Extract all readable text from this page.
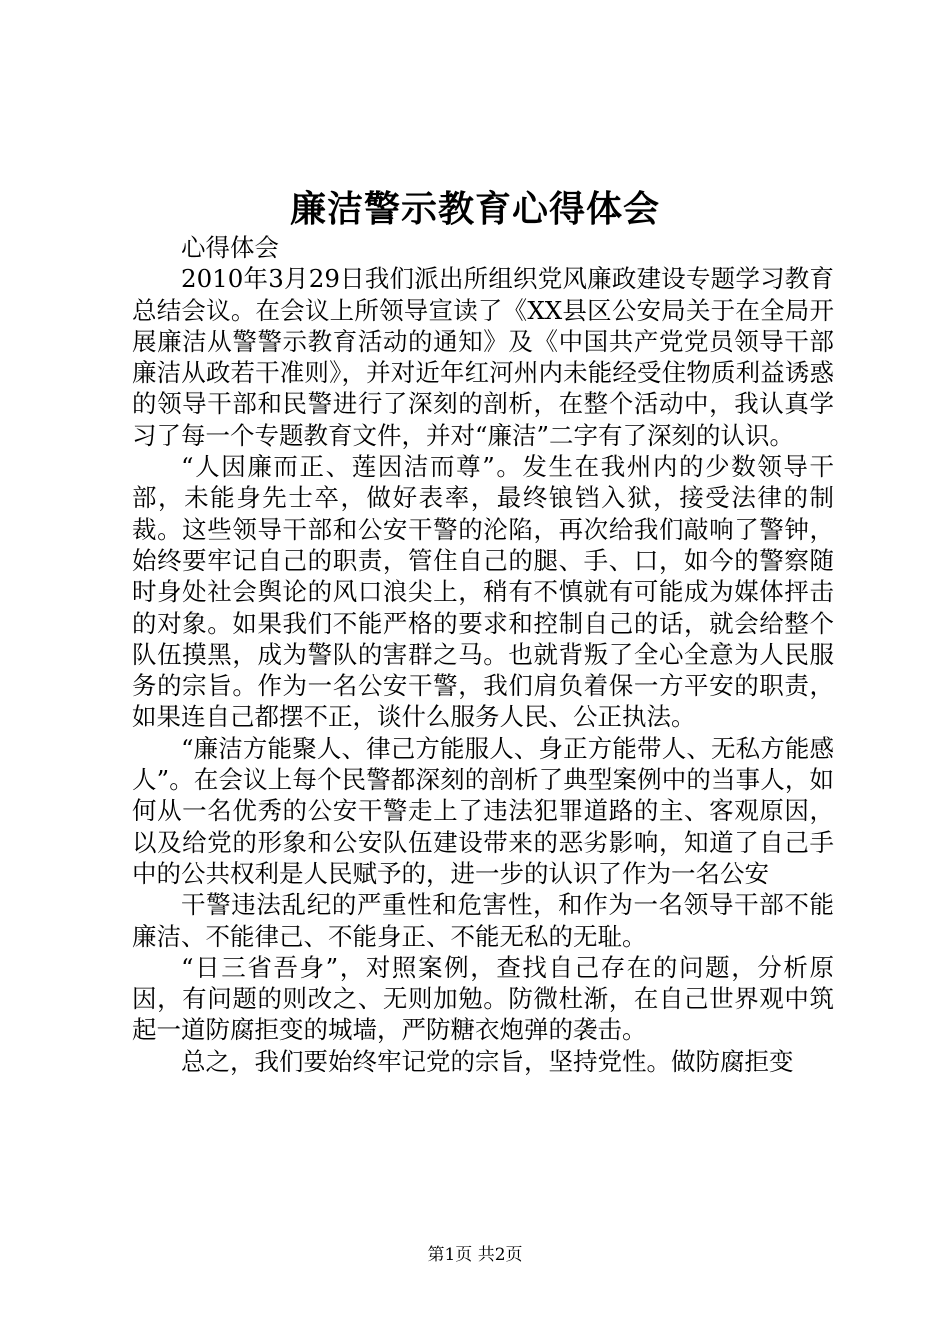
廉洁警示教育心得体会

心得体会

2010年3月29日我们派出所组织党风廉政建设专题学习教育总结会议。在会议上所领导宣读了《XX县区公安局关于在全局开展廉洁从警警示教育活动的通知》及《中国共产党党员领导干部廉洁从政若干准则》，并对近年红河州内未能经受住物质利益诱惑的领导干部和民警进行了深刻的剖析，在整个活动中，我认真学习了每一个专题教育文件，并对“廉洁”二字有了深刻的认识。

“人因廉而正、莲因洁而尊”。发生在我州内的少数领导干部，未能身先士卒，做好表率，最终锒铛入狱，接受法律的制裁。这些领导干部和公安干警的沦陷，再次给我们敲响了警钟，始终要牢记自己的职责，管住自己的腿、手、口，如今的警察随时身处社会舆论的风口浪尖上，稍有不慎就有可能成为媒体抨击的对象。如果我们不能严格的要求和控制自己的话，就会给整个队伍摸黑，成为警队的害群之马。也就背叛了全心全意为人民服务的宗旨。作为一名公安干警，我们肩负着保一方平安的职责，如果连自己都摆不正，谈什么服务人民、公正执法。

“廉洁方能聚人、律己方能服人、身正方能带人、无私方能感人”。在会议上每个民警都深刻的剖析了典型案例中的当事人，如何从一名优秀的公安干警走上了违法犯罪道路的主、客观原因，以及给党的形象和公安队伍建设带来的恶劣影响，知道了自己手中的公共权利是人民赋予的，进一步的认识了作为一名公安

干警违法乱纪的严重性和危害性，和作为一名领导干部不能廉洁、不能律己、不能身正、不能无私的无耻。

“日三省吾身”，对照案例，查找自己存在的问题，分析原因，有问题的则改之、无则加勉。防微杜渐，在自己世界观中筑起一道防腐拒变的城墙，严防糖衣炮弹的袭击。

总之，我们要始终牢记党的宗旨，坚持党性。做防腐拒变

第1页 共2页
